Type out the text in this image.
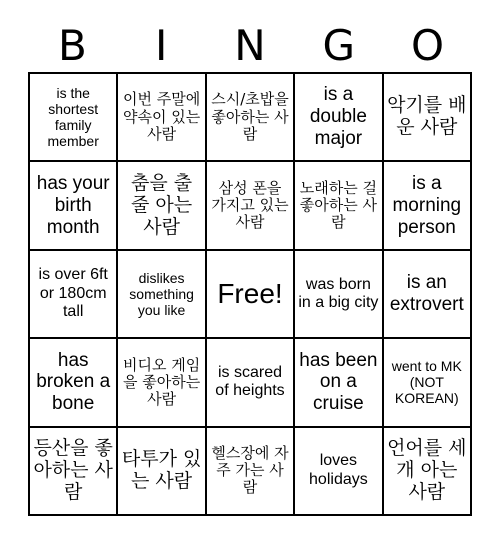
B	I	N	G	O
is the shortest family member
이번 주말에 약속이 있는 사람
스시/초밥을 좋아하는 사람
is a double major
악기를 배운 사람
has your birth month
춤을 출 줄 아는 사람
삼성 폰을 가지고 있는 사람
노래하는 걸 좋아하는 사람
is a morning person
is over 6ft or 180cm tall
dislikes something you like
Free!	was born in a big city
is an extrovert
has broken a bone
비디오 게임을 좋아하는 사람
is scared of heights
has been on a cruise
went to MK (NOT KOREAN)
등산을 좋아하는 사람
타투가 있는 사람
헬스장에 자주 가는 사람
loves holidays
언어를 세 개 아는 사람
